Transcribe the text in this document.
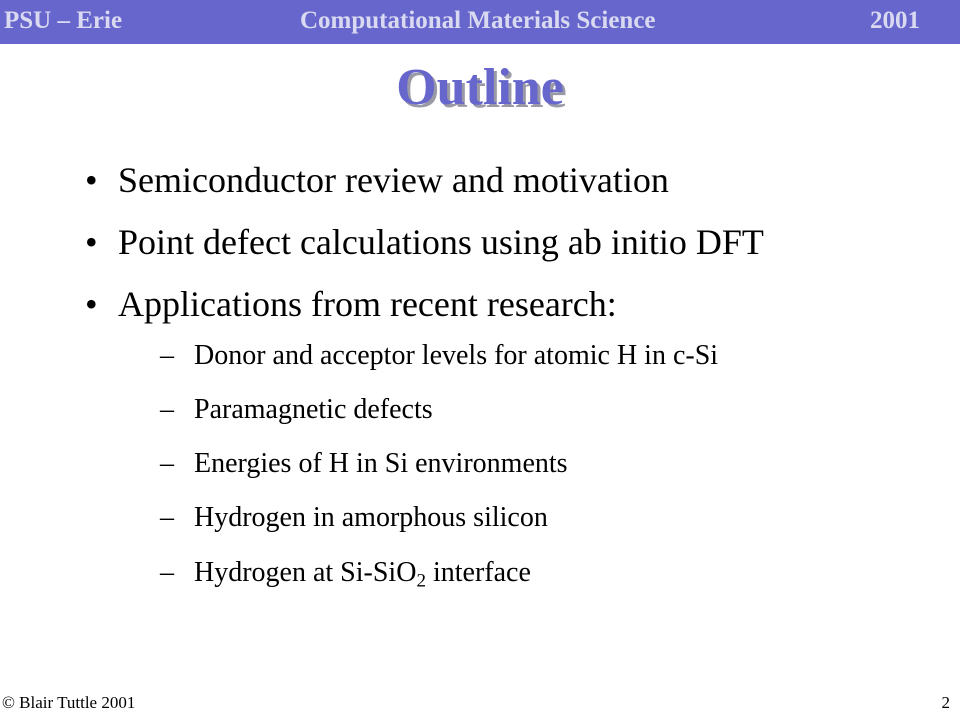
PSU – Erie	Computational Materials Science	2001
Outline
• Semiconductor review and motivation
• Point defect calculations using ab initio DFT
• Applications from recent research:
– Donor and acceptor levels for atomic H in c-Si
– Paramagnetic defects
– Energies of H in Si environments
– Hydrogen in amorphous silicon
– Hydrogen at Si-SiO$_2$ interface
© Blair Tuttle 2001	2
